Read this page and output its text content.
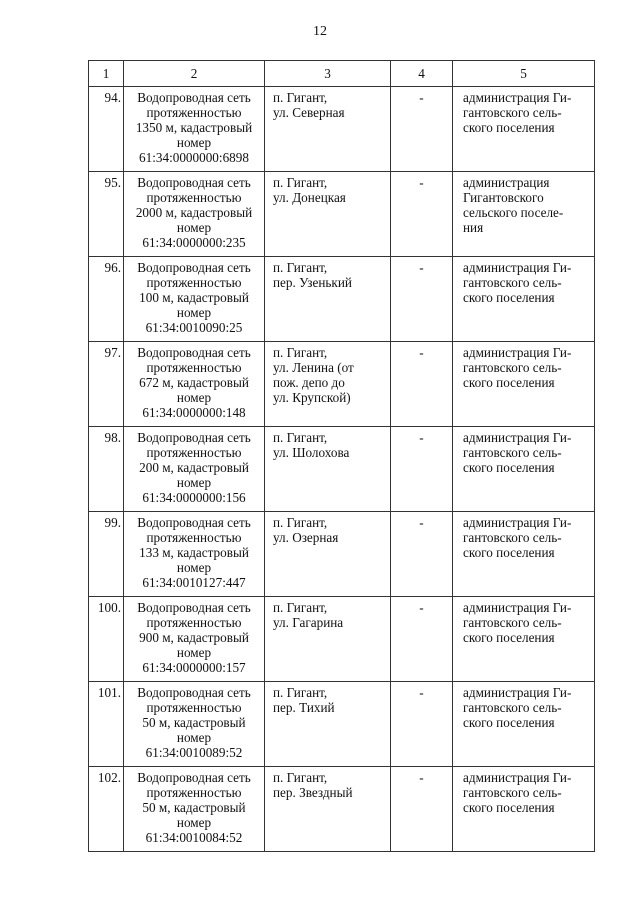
12
1	2	3	4	5
94.	Водопроводная сеть
протяженностью
1350 м, кадастровый
номер
61:34:0000000:6898	п. Гигант,
ул. Северная	-	администрация Ги-
гантовского сель-
ского поселения

95.	Водопроводная сеть
протяженностью
2000 м, кадастровый
номер
61:34:0000000:235	п. Гигант,
ул. Донецкая	-	администрация
Гигантовского
сельского поселе-
ния

96.	Водопроводная сеть
протяженностью
100 м, кадастровый
номер
61:34:0010090:25	п. Гигант,
пер. Узенький	-	администрация Ги-
гантовского сель-
ского поселения

97.	Водопроводная сеть
протяженностью
672 м, кадастровый
номер
61:34:0000000:148	п. Гигант,
ул. Ленина (от
пож. депо до
ул. Крупской)	-	администрация Ги-
гантовского сель-
ского поселения

98.	Водопроводная сеть
протяженностью
200 м, кадастровый
номер
61:34:0000000:156	п. Гигант,
ул. Шолохова	-	администрация Ги-
гантовского сель-
ского поселения

99.	Водопроводная сеть
протяженностью
133 м, кадастровый
номер
61:34:0010127:447	п. Гигант,
ул. Озерная	-	администрация Ги-
гантовского сель-
ского поселения

100.	Водопроводная сеть
протяженностью
900 м, кадастровый
номер
61:34:0000000:157	п. Гигант,
ул. Гагарина	-	администрация Ги-
гантовского сель-
ского поселения

101.	Водопроводная сеть
протяженностью
50 м, кадастровый
номер
61:34:0010089:52	п. Гигант,
пер. Тихий	-	администрация Ги-
гантовского сель-
ского поселения

102.	Водопроводная сеть
протяженностью
50 м, кадастровый
номер
61:34:0010084:52	п. Гигант,
пер. Звездный	-	администрация Ги-
гантовского сель-
ского поселения
